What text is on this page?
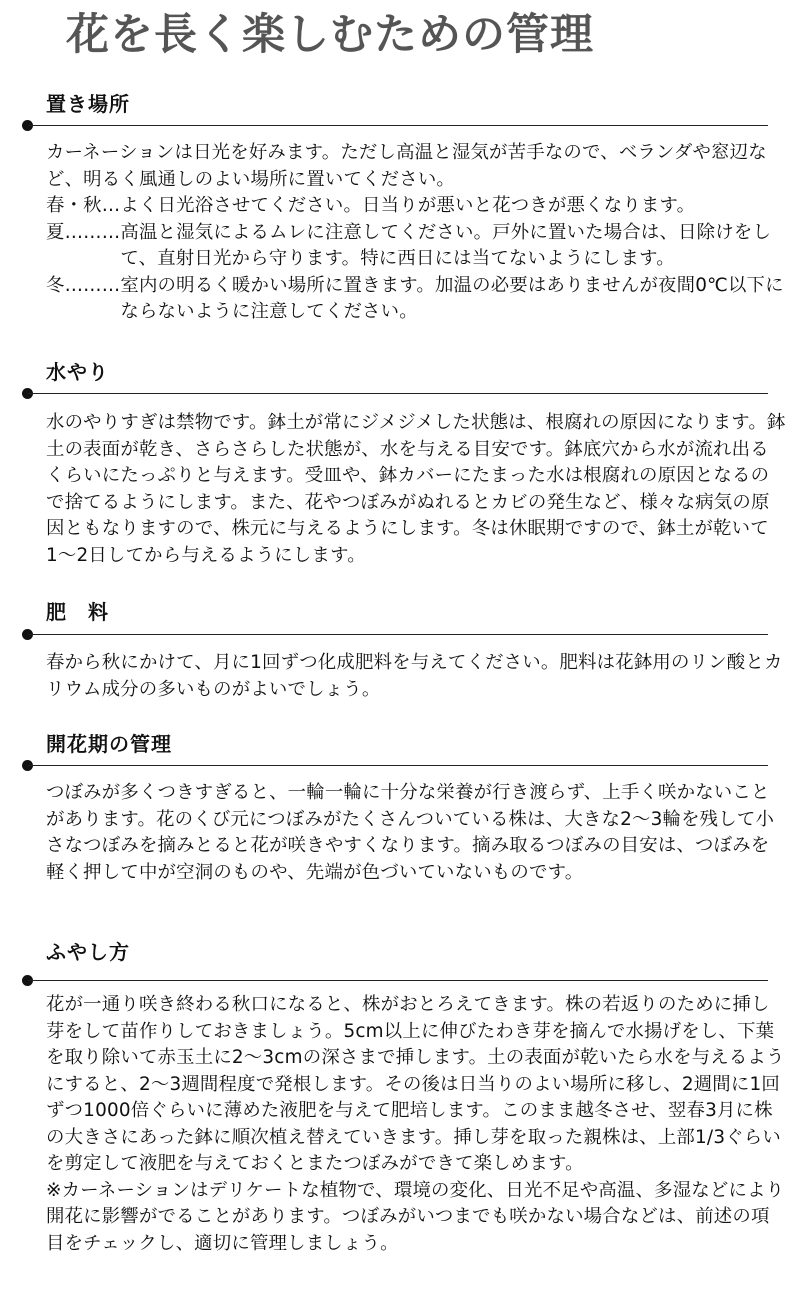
花を長く楽しむための管理
置き場所

カーネーションは日光を好みます。ただし高温と湿気が苦手なので、ベランダや窓辺など、明るく風通しのよい場所に置いてください。

春・秋… よく日光浴させてください。日当りが悪いと花つきが悪くなります。
夏……… 高温と湿気によるムレに注意してください。戸外に置いた場合は、日除けをして、直射日光から守ります。特に西日には当てないようにします。
冬……… 室内の明るく暖かい場所に置きます。加温の必要はありませんが夜間0℃以下にならないように注意してください。
水やり

水のやりすぎは禁物です。鉢土が常にジメジメした状態は、根腐れの原因になります。鉢土の表面が乾き、さらさらした状態が、水を与える目安です。鉢底穴から水が流れ出るくらいにたっぷりと与えます。受皿や、鉢カバーにたまった水は根腐れの原因となるので捨てるようにします。また、花やつぼみがぬれるとカビの発生など、様々な病気の原因ともなりますので、株元に与えるようにします。冬は休眠期ですので、鉢土が乾いて1〜2日してから与えるようにします。

肥　料

春から秋にかけて、月に1回ずつ化成肥料を与えてください。肥料は花鉢用のリン酸とカリウム成分の多いものがよいでしょう。

開花期の管理

つぼみが多くつきすぎると、一輪一輪に十分な栄養が行き渡らず、上手く咲かないことがあります。花のくび元につぼみがたくさんついている株は、大きな2〜3輪を残して小さなつぼみを摘みとると花が咲きやすくなります。摘み取るつぼみの目安は、つぼみを軽く押して中が空洞のものや、先端が色づいていないものです。

ふやし方

花が一通り咲き終わる秋口になると、株がおとろえてきます。株の若返りのために挿し芽をして苗作りしておきましょう。5cm以上に伸びたわき芽を摘んで水揚げをし、下葉を取り除いて赤玉土に2〜3cmの深さまで挿します。土の表面が乾いたら水を与えるようにすると、2〜3週間程度で発根します。その後は日当りのよい場所に移し、2週間に1回ずつ1000倍ぐらいに薄めた液肥を与えて肥培します。このまま越冬させ、翌春3月に株の大きさにあった鉢に順次植え替えていきます。挿し芽を取った親株は、上部1/3ぐらいを剪定して液肥を与えておくとまたつぼみができて楽しめます。

※カーネーションはデリケートな植物で、環境の変化、日光不足や高温、多湿などにより開花に影響がでることがあります。つぼみがいつまでも咲かない場合などは、前述の項目をチェックし、適切に管理しましょう。
